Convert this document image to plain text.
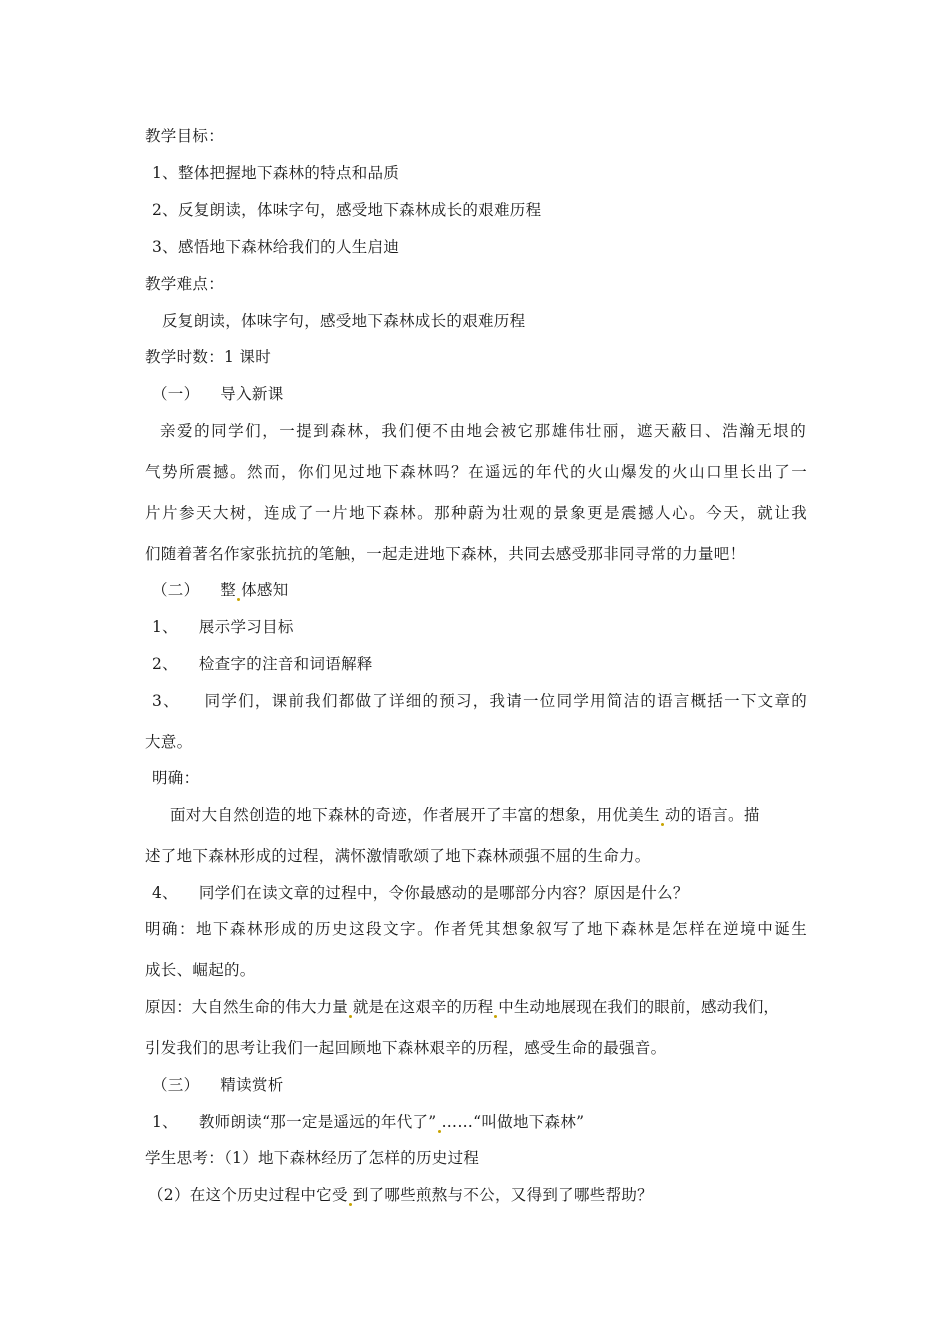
教学目标：
1、整体把握地下森林的特点和品质
2、反复朗读，体味字句，感受地下森林成长的艰难历程
3、感悟地下森林给我们的人生启迪
教学难点：
反复朗读，体味字句，感受地下森林成长的艰难历程
教学时数：1 课时
（一）    导入新课
亲爱的同学们，一提到森林，我们便不由地会被它那雄伟壮丽，遮天蔽日、浩瀚无垠的
气势所震撼。然而，你们见过地下森林吗？在遥远的年代的火山爆发的火山口里长出了一
片片参天大树，连成了一片地下森林。那种蔚为壮观的景象更是震撼人心。今天，就让我
们随着著名作家张抗抗的笔触，一起走进地下森林，共同去感受那非同寻常的力量吧！
（二）    整 体感知
1、    展示学习目标
2、    检查字的注音和词语解释
3、    同学们，课前我们都做了详细的预习，我请一位同学用简洁的语言概括一下文章的
大意。
明确：
面对大自然创造的地下森林的奇迹，作者展开了丰富的想象，用优美生 动的语言。描
述了地下森林形成的过程，满怀激情歌颂了地下森林顽强不屈的生命力。
4、    同学们在读文章的过程中，令你最感动的是哪部分内容？原因是什么？
明确：地下森林形成的历史这段文字。作者凭其想象叙写了地下森林是怎样在逆境中诞生
成长、崛起的。
原因：大自然生命的伟大力量 就是在这艰辛的历程 中生动地展现在我们的眼前，感动我们，
引发我们的思考让我们一起回顾地下森林艰辛的历程，感受生命的最强音。
（三）    精读赏析
1、    教师朗读“那一定是遥远的年代了” ……“叫做地下森林”
学生思考：（1）地下森林经历了怎样的历史过程
（2）在这个历史过程中它受 到了哪些煎熬与不公，又得到了哪些帮助？
